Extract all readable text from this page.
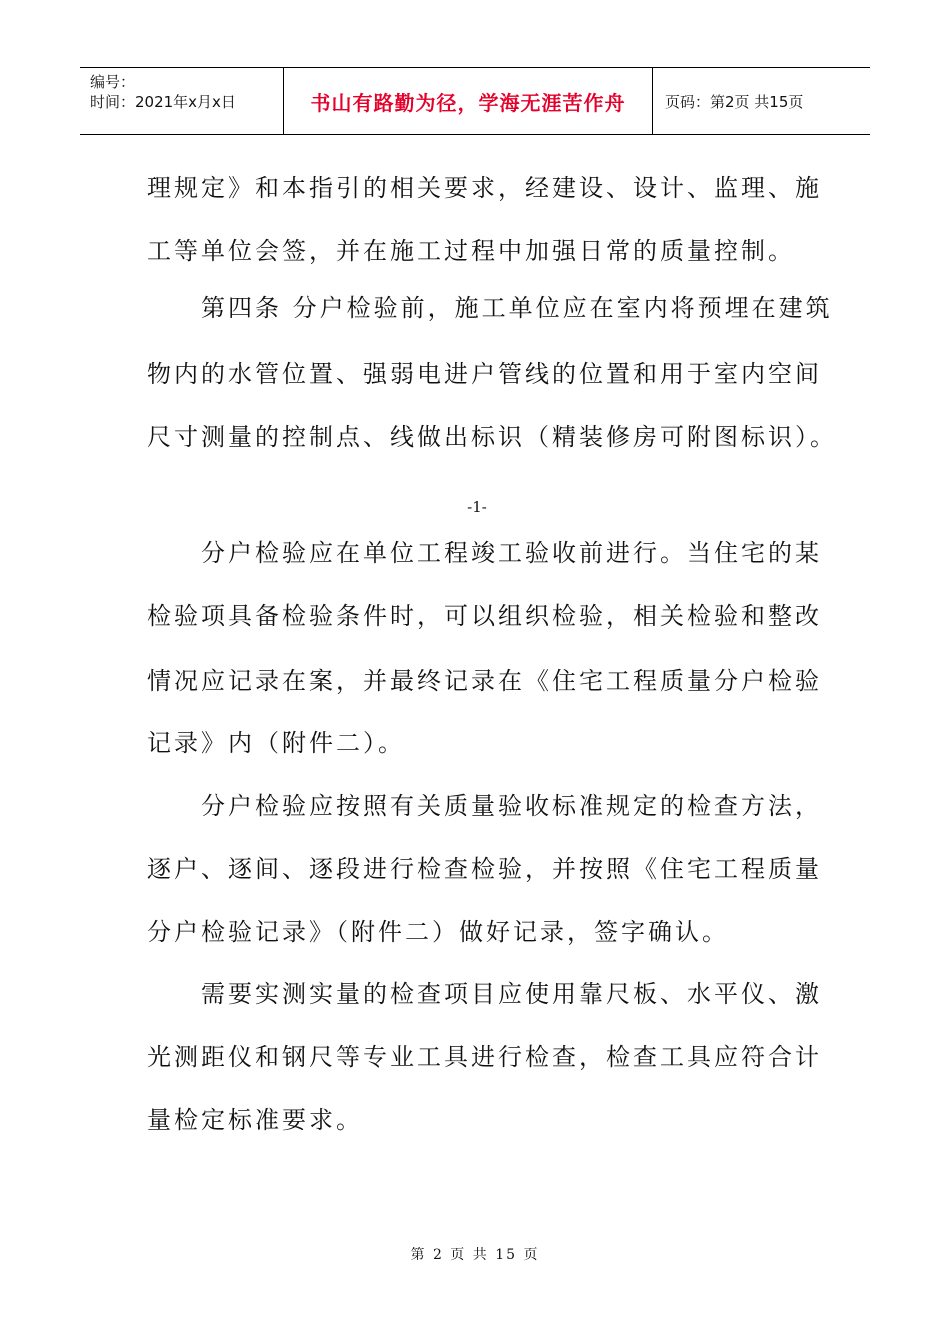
编号：
时间：2021年x月x日	书山有路勤为径，学海无涯苦作舟	页码：第2页 共15页
理规定》和本指引的相关要求，经建设、设计、监理、施
工等单位会签，并在施工过程中加强日常的质量控制。
第四条 分户检验前，施工单位应在室内将预埋在建筑
物内的水管位置、强弱电进户管线的位置和用于室内空间
尺寸测量的控制点、线做出标识（精装修房可附图标识）。
-1-
分户检验应在单位工程竣工验收前进行。当住宅的某
检验项具备检验条件时，可以组织检验，相关检验和整改
情况应记录在案，并最终记录在《住宅工程质量分户检验
记录》内（附件二）。
分户检验应按照有关质量验收标准规定的检查方法，
逐户、逐间、逐段进行检查检验，并按照《住宅工程质量
分户检验记录》（附件二）做好记录，签字确认。
需要实测实量的检查项目应使用靠尺板、水平仪、激
光测距仪和钢尺等专业工具进行检查，检查工具应符合计
量检定标准要求。
第 2 页 共 15 页
